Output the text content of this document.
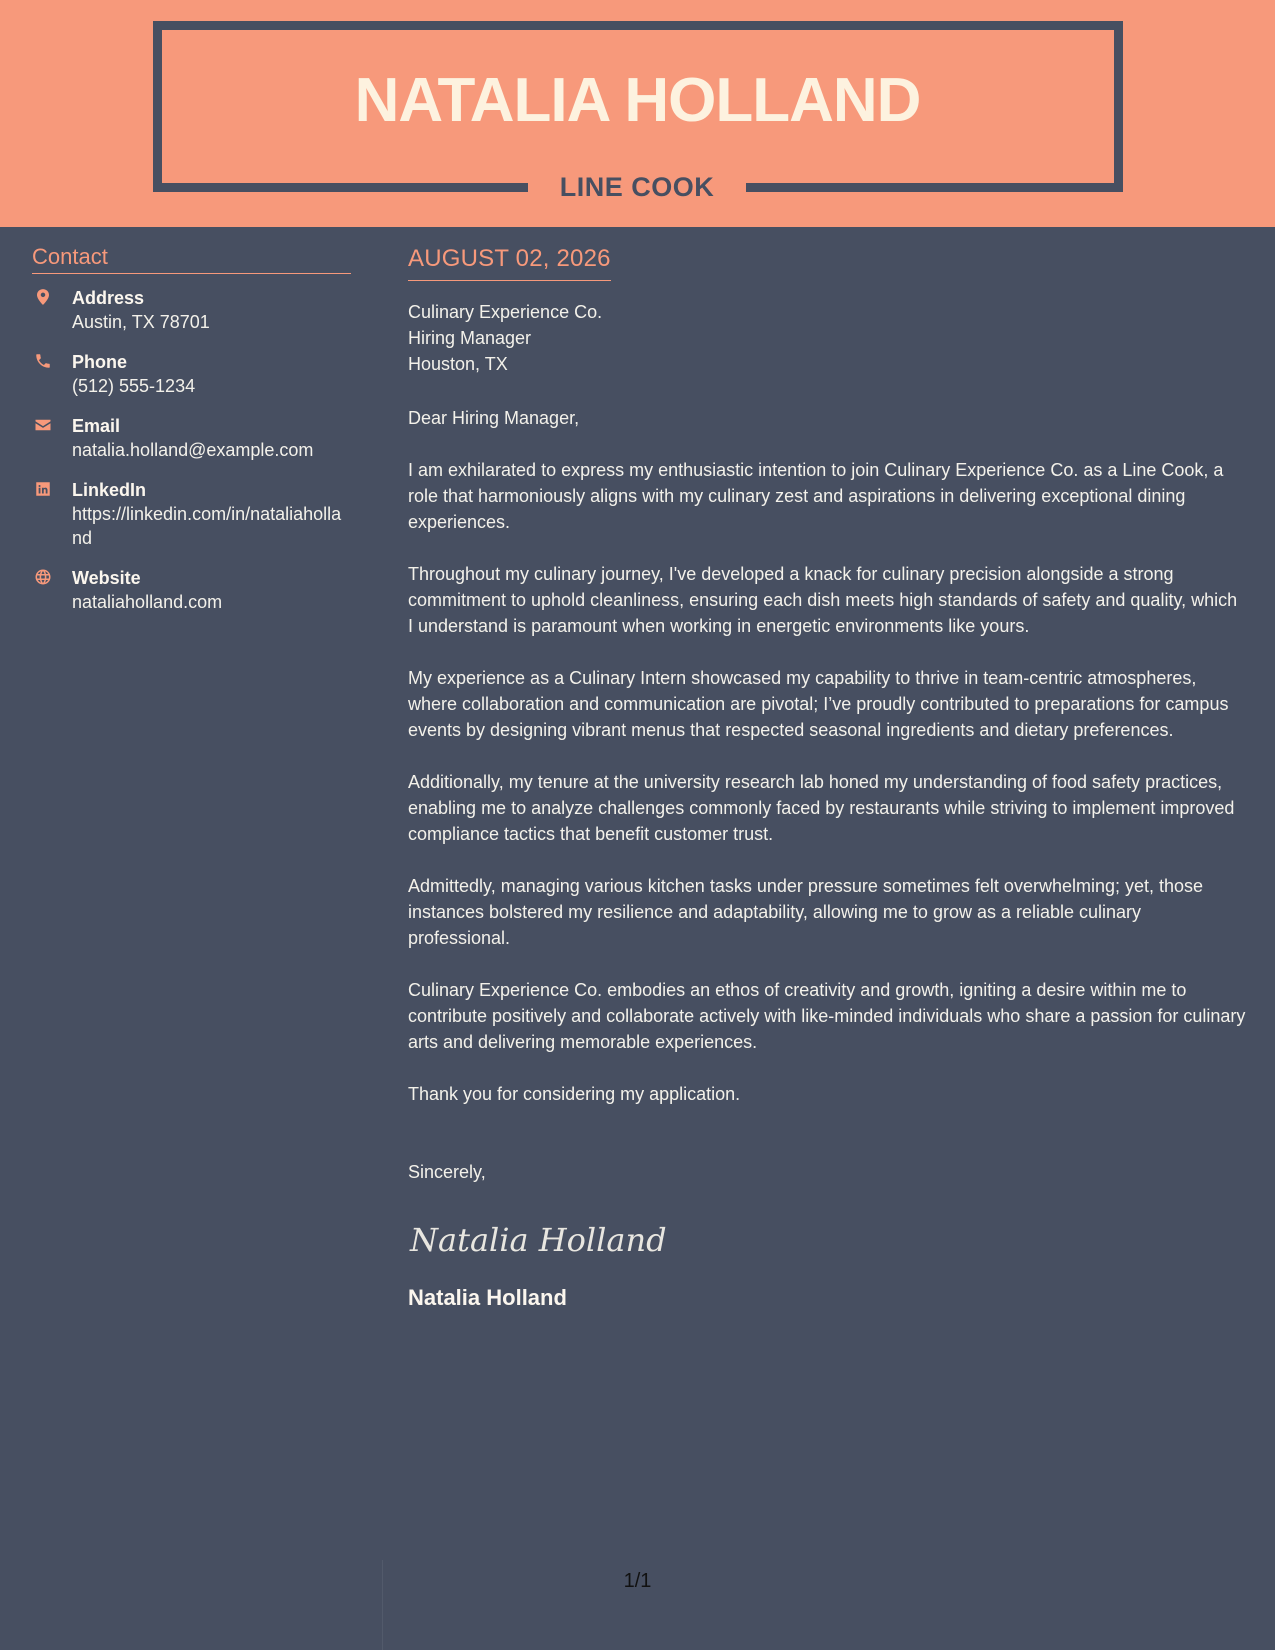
NATALIA HOLLAND
LINE COOK
Contact
Address
Austin, TX 78701
Phone
(512) 555-1234
Email
natalia.holland@example.com
LinkedIn
https://linkedin.com/in/nataliaholland
Website
nataliaholland.com
AUGUST 02, 2026
Culinary Experience Co.
Hiring Manager
Houston, TX
Dear Hiring Manager,

I am exhilarated to express my enthusiastic intention to join Culinary Experience Co. as a Line Cook, a role that harmoniously aligns with my culinary zest and aspirations in delivering exceptional dining experiences.

Throughout my culinary journey, I've developed a knack for culinary precision alongside a strong commitment to uphold cleanliness, ensuring each dish meets high standards of safety and quality, which I understand is paramount when working in energetic environments like yours.

My experience as a Culinary Intern showcased my capability to thrive in team-centric atmospheres, where collaboration and communication are pivotal; I’ve proudly contributed to preparations for campus events by designing vibrant menus that respected seasonal ingredients and dietary preferences.

Additionally, my tenure at the university research lab honed my understanding of food safety practices, enabling me to analyze challenges commonly faced by restaurants while striving to implement improved compliance tactics that benefit customer trust.

Admittedly, managing various kitchen tasks under pressure sometimes felt overwhelming; yet, those instances bolstered my resilience and adaptability, allowing me to grow as a reliable culinary professional.

Culinary Experience Co. embodies an ethos of creativity and growth, igniting a desire within me to contribute positively and collaborate actively with like-minded individuals who share a passion for culinary arts and delivering memorable experiences.

Thank you for considering my application.

Sincerely,
Natalia Holland
Natalia Holland
1/1
